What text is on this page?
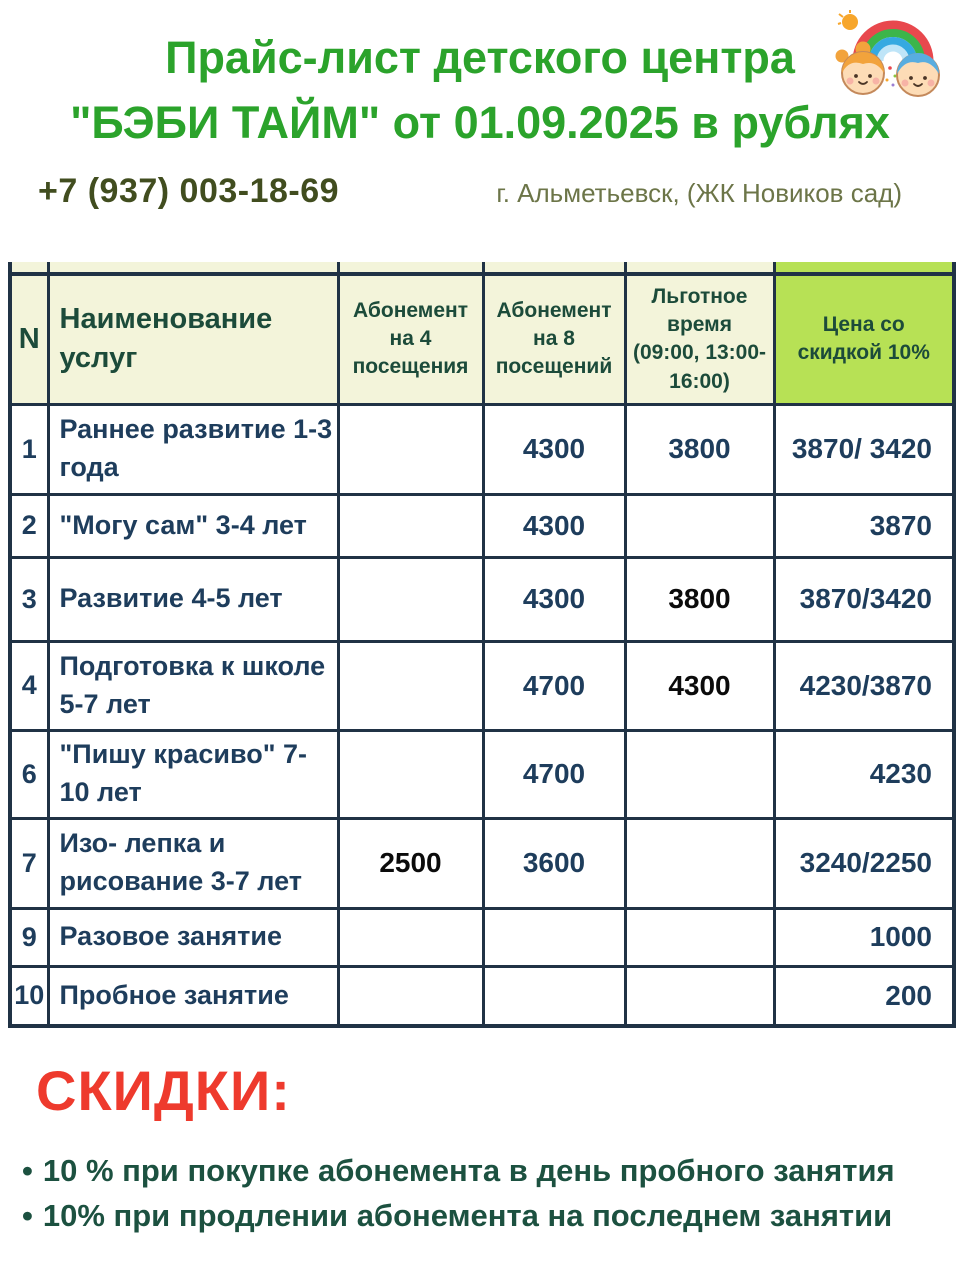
Прайс-лист детского центра
"БЭБИ ТАЙМ" от 01.09.2025 в рублях
+7 (937) 003-18-69	г. Альметьевск, (ЖК Новиков сад)

N	Наименование услуг	Абонемент на 4 посещения	Абонемент на 8 посещений	Льготное время (09:00, 13:00-16:00)	Цена со скидкой 10%
1	Раннее развитие 1-3 года		4300	3800	3870/ 3420
2	"Могу сам" 3-4 лет		4300		3870
3	Развитие 4-5 лет		4300	3800	3870/3420
4	Подготовка к школе 5-7 лет		4700	4300	4230/3870
6	"Пишу красиво" 7-10 лет		4700		4230
7	Изо- лепка и рисование 3-7 лет	2500	3600		3240/2250
9	Разовое занятие				1000
10	Пробное занятие				200
СКИДКИ:
• 10 % при покупке абонемента в день пробного занятия
• 10% при продлении абонемента на последнем занятии
